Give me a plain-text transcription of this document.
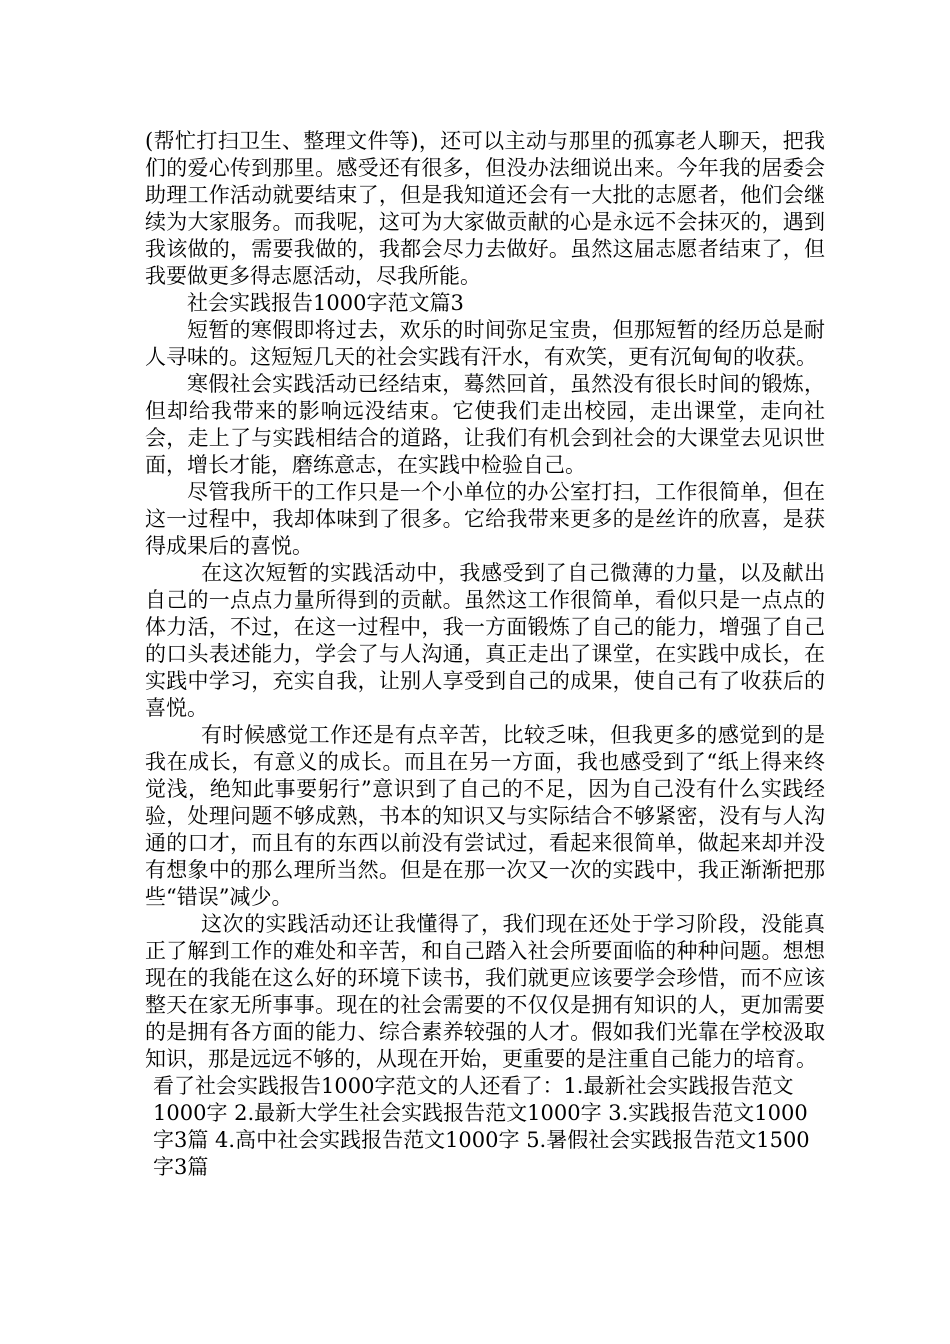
(帮忙打扫卫生、整理文件等)，还可以主动与那里的孤寡老人聊天，把我们的爱心传到那里。感受还有很多，但没办法细说出来。今年我的居委会助理工作活动就要结束了，但是我知道还会有一大批的志愿者，他们会继续为大家服务。而我呢，这可为大家做贡献的心是永远不会抹灭的，遇到我该做的，需要我做的，我都会尽力去做好。虽然这届志愿者结束了，但我要做更多得志愿活动，尽我所能。

社会实践报告1000字范文篇3

短暂的寒假即将过去，欢乐的时间弥足宝贵，但那短暂的经历总是耐人寻味的。这短短几天的社会实践有汗水，有欢笑，更有沉甸甸的收获。

寒假社会实践活动已经结束，蓦然回首，虽然没有很长时间的锻炼，但却给我带来的影响远没结束。它使我们走出校园，走出课堂，走向社会，走上了与实践相结合的道路，让我们有机会到社会的大课堂去见识世面，增长才能，磨练意志，在实践中检验自己。

尽管我所干的工作只是一个小单位的办公室打扫，工作很简单，但在这一过程中，我却体味到了很多。它给我带来更多的是丝许的欣喜，是获得成果后的喜悦。

在这次短暂的实践活动中，我感受到了自己微薄的力量，以及献出自己的一点点力量所得到的贡献。虽然这工作很简单，看似只是一点点的体力活，不过，在这一过程中，我一方面锻炼了自己的能力，增强了自己的口头表述能力，学会了与人沟通，真正走出了课堂，在实践中成长，在实践中学习，充实自我，让别人享受到自己的成果，使自己有了收获后的喜悦。

有时候感觉工作还是有点辛苦，比较乏味，但我更多的感觉到的是我在成长，有意义的成长。而且在另一方面，我也感受到了“纸上得来终觉浅，绝知此事要躬行”意识到了自己的不足，因为自己没有什么实践经验，处理问题不够成熟，书本的知识又与实际结合不够紧密，没有与人沟通的口才，而且有的东西以前没有尝试过，看起来很简单，做起来却并没有想象中的那么理所当然。但是在那一次又一次的实践中，我正渐渐把那些“错误”减少。

这次的实践活动还让我懂得了，我们现在还处于学习阶段，没能真正了解到工作的难处和辛苦，和自己踏入社会所要面临的种种问题。想想现在的我能在这么好的环境下读书，我们就更应该要学会珍惜，而不应该整天在家无所事事。现在的社会需要的不仅仅是拥有知识的人，更加需要的是拥有各方面的能力、综合素养较强的人才。假如我们光靠在学校汲取知识，那是远远不够的，从现在开始，更重要的是注重自己能力的培育。

看了社会实践报告1000字范文的人还看了：1.最新社会实践报告范文1000字 2.最新大学生社会实践报告范文1000字 3.实践报告范文1000字3篇 4.高中社会实践报告范文1000字 5.暑假社会实践报告范文1500字3篇
